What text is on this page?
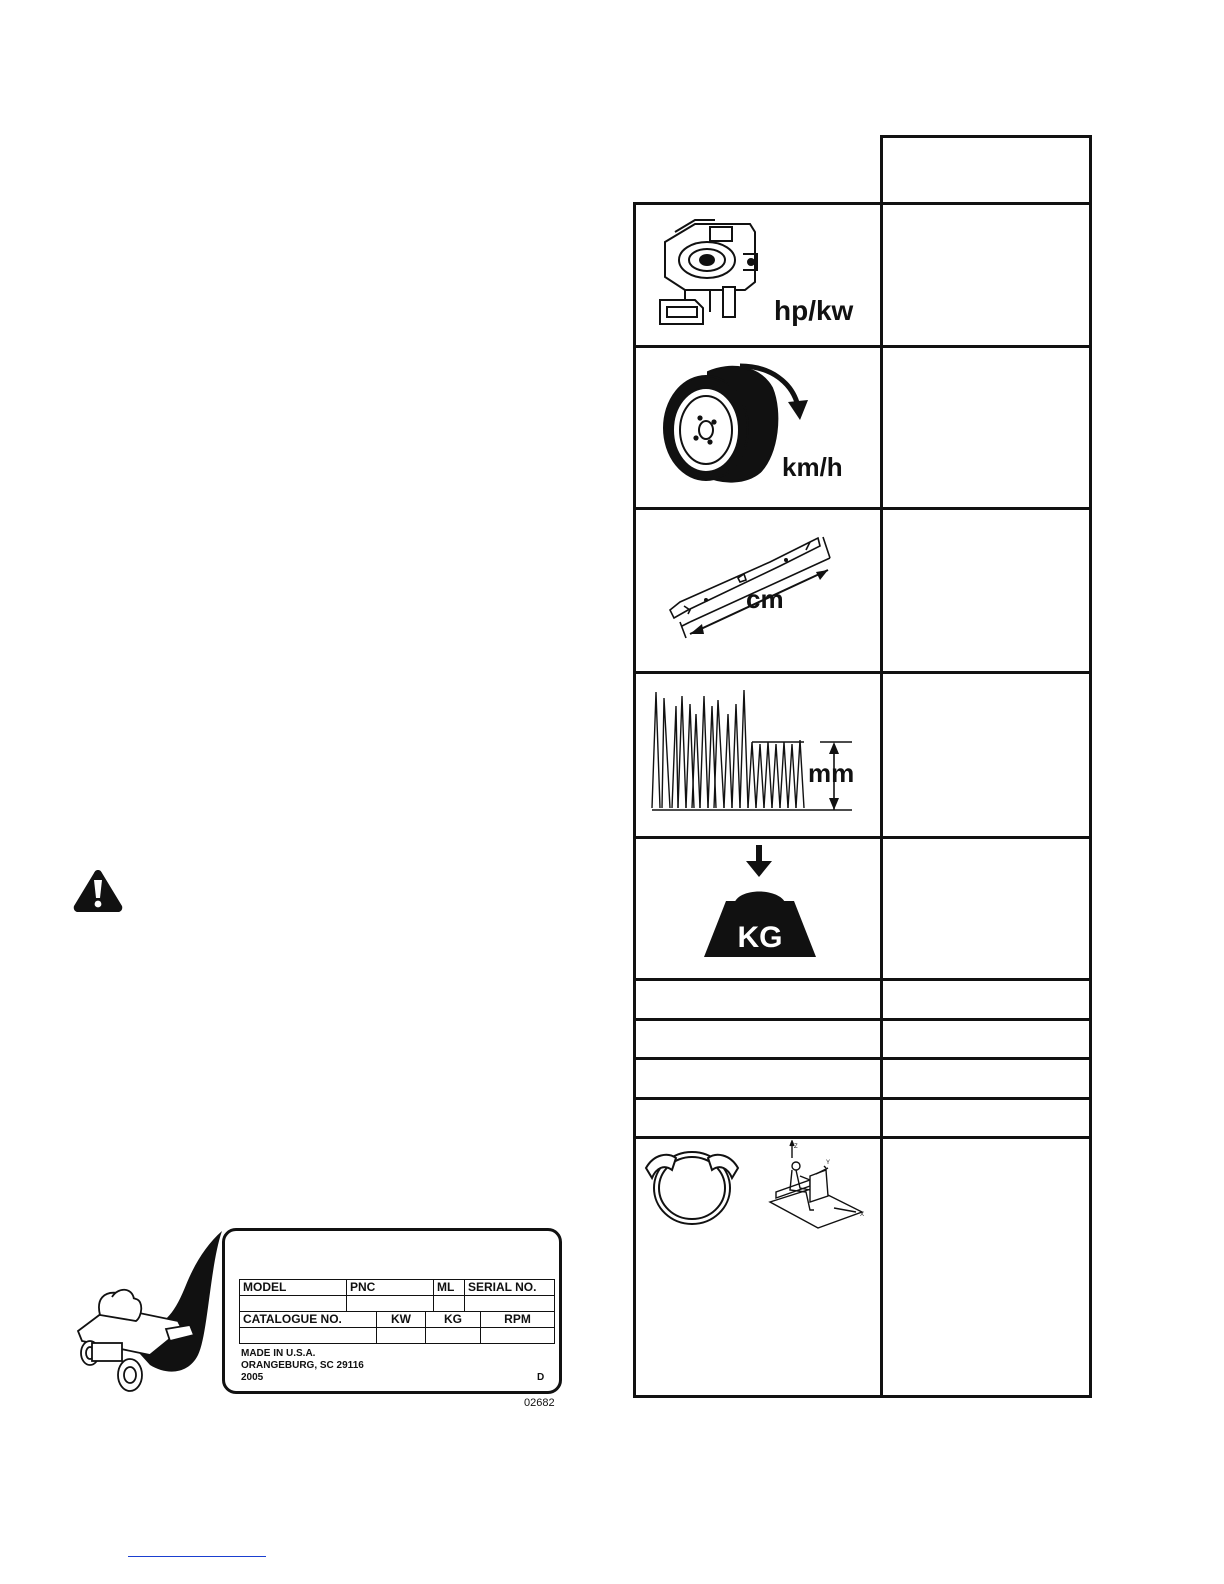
hp/kw
km/h
cm
mm
KG
Z
Y
X
MODEL	PNC	ML	SERIAL NO.

CATALOGUE NO.	KW	KG	RPM

MADE IN U.S.A.
ORANGEBURG, SC 29116
2005	D
02682
